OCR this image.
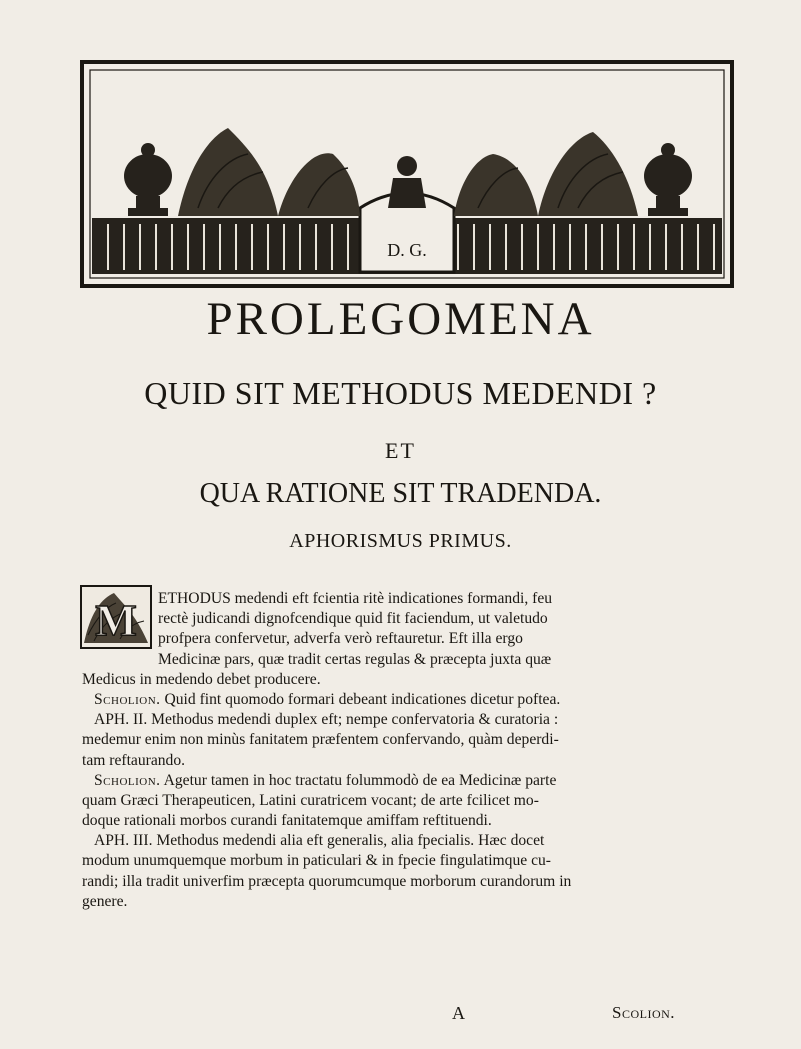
D. G.
PROLEGOMENA
QUID SIT METHODUS MEDENDI ?
ET
QUA RATIONE SIT TRADENDA.
APHORISMUS PRIMUS.
M	ETHODUS medendi eft fcientia ritè indicationes formandi, feu
rectè judicandi dignofcendique quid fit faciendum, ut valetudo
profpera confervetur, adverfa verò reftauretur. Eft illa ergo
Medicinæ pars, quæ tradit certas regulas & præcepta juxta quæ
Medicus in medendo debet producere.
Scholion. Quid fint quomodo formari debeant indicationes dicetur poftea.
APH. II. Methodus medendi duplex eft; nempe confervatoria & curatoria :
medemur enim non minùs fanitatem præfentem confervando, quàm deperdi-
tam reftaurando.
Scholion. Agetur tamen in hoc tractatu folummodò de ea Medicinæ parte
quam Græci Therapeuticen, Latini curatricem vocant; de arte fcilicet mo-
doque rationali morbos curandi fanitatemque amiffam reftituendi.
APH. III. Methodus medendi alia eft generalis, alia fpecialis. Hæc docet
modum unumquemque morbum in paticulari & in fpecie fingulatimque cu-
randi; illa tradit univerfim præcepta quorumcumque morborum curandorum in
genere.
A	Scolion.
